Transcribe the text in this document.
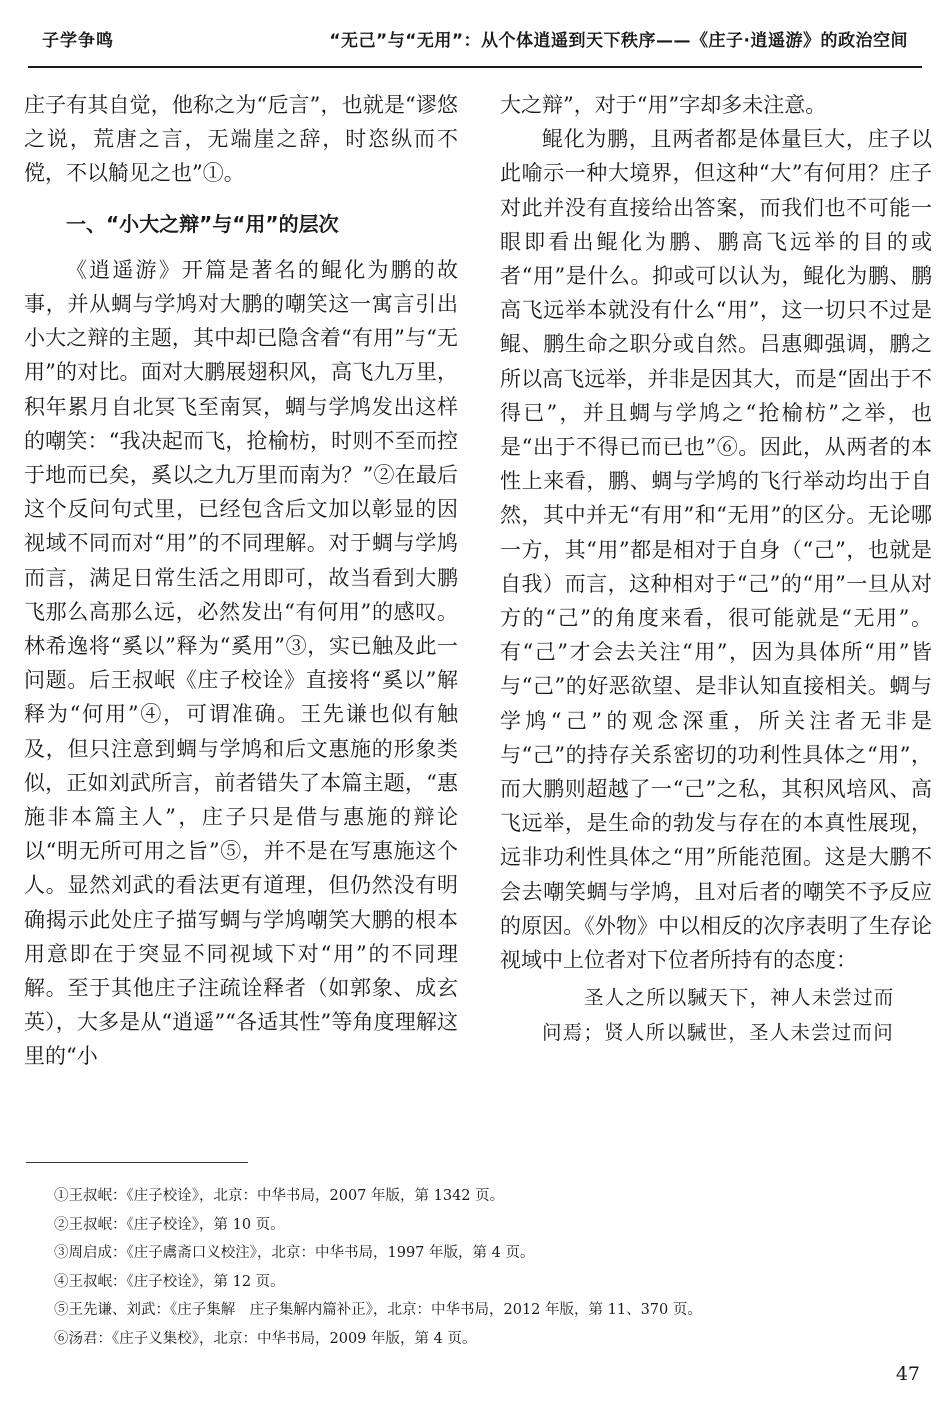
子学争鸣	“无己”与“无用”：从个体逍遥到天下秩序——《庄子·逍遥游》的政治空间

庄子有其自觉，他称之为“卮言”，也就是“谬悠之说，荒唐之言，无端崖之辞，时恣纵而不傥，不以觭见之也”①。

一、“小大之辩”与“用”的层次

《逍遥游》开篇是著名的鲲化为鹏的故事，并从蜩与学鸠对大鹏的嘲笑这一寓言引出小大之辩的主题，其中却已隐含着“有用”与“无用”的对比。面对大鹏展翅积风，高飞九万里，积年累月自北冥飞至南冥，蜩与学鸠发出这样的嘲笑：“我决起而飞，抢榆枋，时则不至而控于地而已矣，奚以之九万里而南为？”②在最后这个反问句式里，已经包含后文加以彰显的因视域不同而对“用”的不同理解。对于蜩与学鸠而言，满足日常生活之用即可，故当看到大鹏飞那么高那么远，必然发出“有何用”的感叹。林希逸将“奚以”释为“奚用”③，实已触及此一问题。后王叔岷《庄子校诠》直接将“奚以”解释为“何用”④，可谓准确。王先谦也似有触及，但只注意到蜩与学鸠和后文惠施的形象类似，正如刘武所言，前者错失了本篇主题，“惠施非本篇主人”，庄子只是借与惠施的辩论以“明无所可用之旨”⑤，并不是在写惠施这个人。显然刘武的看法更有道理，但仍然没有明确揭示此处庄子描写蜩与学鸠嘲笑大鹏的根本用意即在于突显不同视域下对“用”的不同理解。至于其他庄子注疏诠释者（如郭象、成玄英），大多是从“逍遥”“各适其性”等角度理解这里的“小

大之辩”，对于“用”字却多未注意。

鲲化为鹏，且两者都是体量巨大，庄子以此喻示一种大境界，但这种“大”有何用？庄子对此并没有直接给出答案，而我们也不可能一眼即看出鲲化为鹏、鹏高飞远举的目的或者“用”是什么。抑或可以认为，鲲化为鹏、鹏高飞远举本就没有什么“用”，这一切只不过是鲲、鹏生命之职分或自然。吕惠卿强调，鹏之所以高飞远举，并非是因其大，而是“固出于不得已”，并且蜩与学鸠之“抢榆枋”之举，也是“出于不得已而已也”⑥。因此，从两者的本性上来看，鹏、蜩与学鸠的飞行举动均出于自然，其中并无“有用”和“无用”的区分。无论哪一方，其“用”都是相对于自身（“己”，也就是自我）而言，这种相对于“己”的“用”一旦从对方的“己”的角度来看，很可能就是“无用”。有“己”才会去关注“用”，因为具体所“用”皆与“己”的好恶欲望、是非认知直接相关。蜩与学鸠“己”的观念深重，所关注者无非是与“己”的持存关系密切的功利性具体之“用”，而大鹏则超越了一“己”之私，其积风培风、高飞远举，是生命的勃发与存在的本真性展现，远非功利性具体之“用”所能范囿。这是大鹏不会去嘲笑蜩与学鸠，且对后者的嘲笑不予反应的原因。《外物》中以相反的次序表明了生存论视域中上位者对下位者所持有的态度：

圣人之所以駴天下，神人未尝过而
问焉；贤人所以駴世，圣人未尝过而问

①王叔岷：《庄子校诠》，北京：中华书局，2007 年版，第 1342 页。
②王叔岷：《庄子校诠》，第 10 页。
③周启成：《庄子鬳斋口义校注》，北京：中华书局，1997 年版，第 4 页。
④王叔岷：《庄子校诠》，第 12 页。
⑤王先谦、刘武：《庄子集解　庄子集解内篇补正》，北京：中华书局，2012 年版，第 11、370 页。
⑥汤君：《庄子义集校》，北京：中华书局，2009 年版，第 4 页。
47
